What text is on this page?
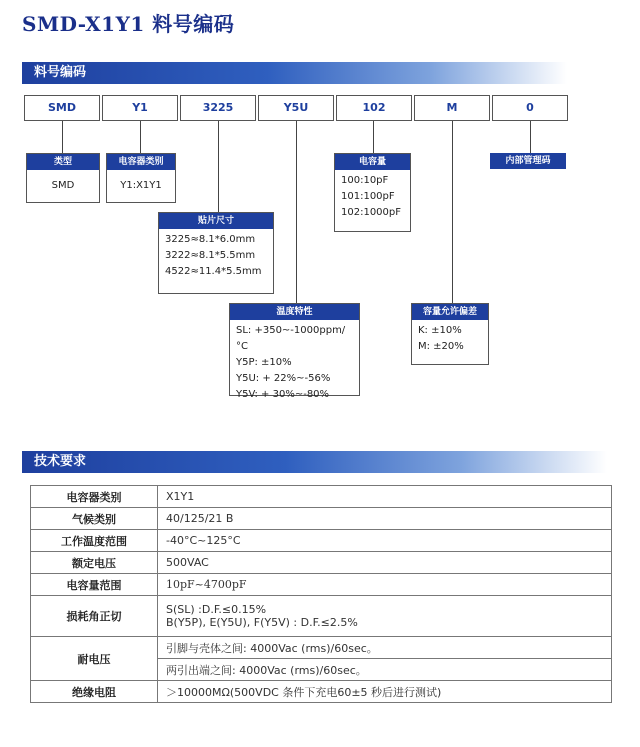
SMD-X1Y1 料号编码
料号编码
SMD	Y1	3225	Y5U	102	M	0
类型
SMD
电容器类别
Y1:X1Y1
贴片尺寸
3225≈8.1*6.0mm
3222≈8.1*5.5mm
4522≈11.4*5.5mm
温度特性
SL: +350~-1000ppm/°C
Y5P: ±10%
Y5U: + 22%~-56%
Y5V: + 30%~-80%
电容量
100:10pF
101:100pF
102:1000pF
容量允许偏差
K: ±10%
M: ±20%
内部管理码
技术要求
电容器类别	X1Y1
气候类别	40/125/21 B
工作温度范围	-40°C~125°C
额定电压	500VAC
电容量范围	10pF~4700pF
损耗角正切	S(SL) :D.F.≤0.15%
B(Y5P), E(Y5U), F(Y5V) : D.F.≤2.5%

耐电压	引脚与壳体之间: 4000Vac (rms)/60sec。
	两引出端之间: 4000Vac (rms)/60sec。
绝缘电阻	＞10000MΩ(500VDC 条件下充电60±5 秒后进行测试)
